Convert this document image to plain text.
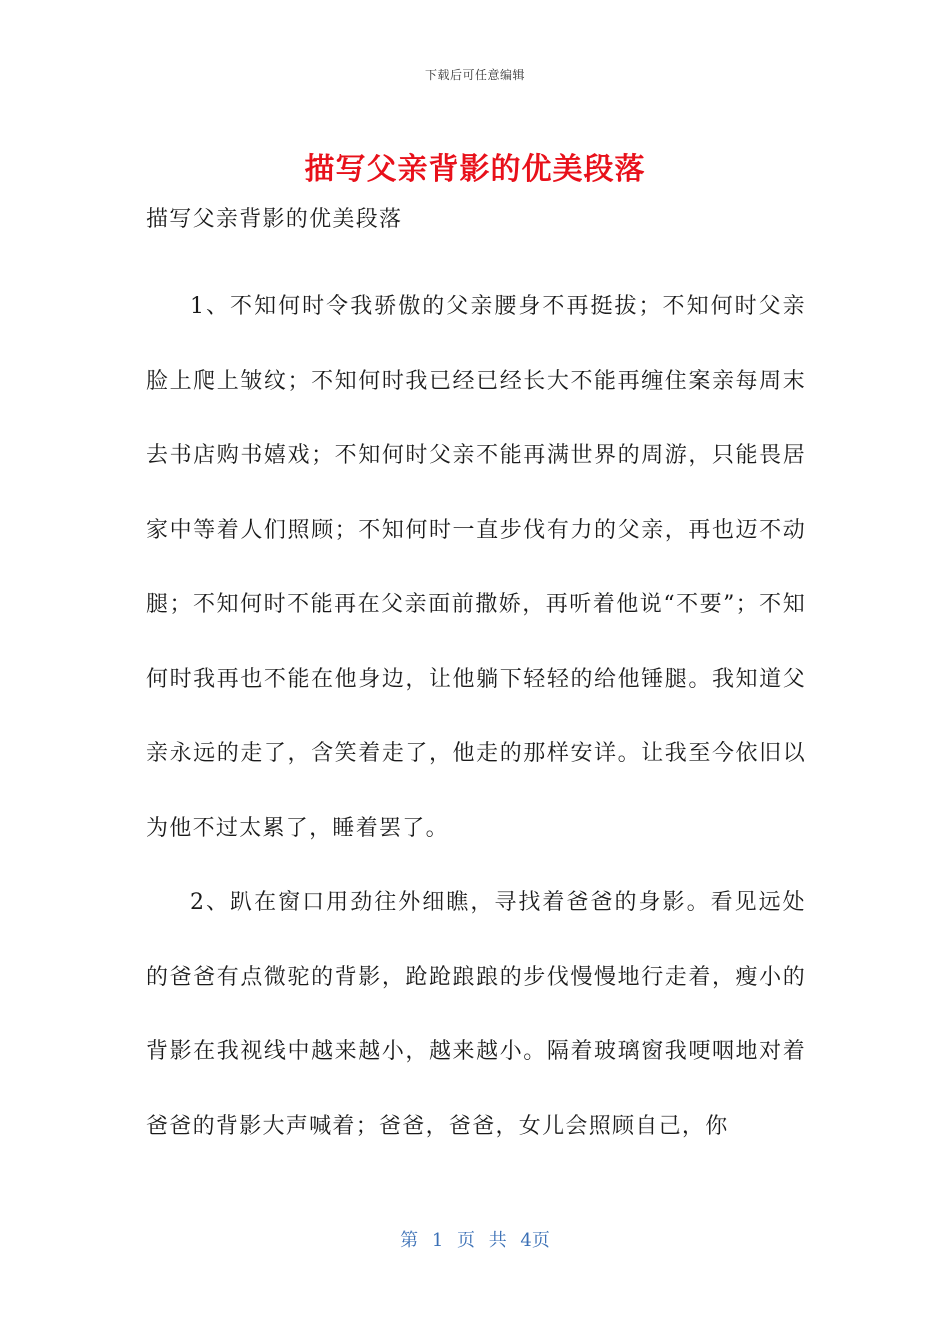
下载后可任意编辑
描写父亲背影的优美段落

描写父亲背影的优美段落

1、不知何时令我骄傲的父亲腰身不再挺拔；不知何时父亲脸上爬上皱纹；不知何时我已经已经长大不能再缠住案亲每周末去书店购书嬉戏；不知何时父亲不能再满世界的周游，只能畏居家中等着人们照顾；不知何时一直步伐有力的父亲，再也迈不动腿；不知何时不能再在父亲面前撒娇，再听着他说“不要”；不知何时我再也不能在他身边，让他躺下轻轻的给他锤腿。我知道父亲永远的走了，含笑着走了，他走的那样安详。让我至今依旧以为他不过太累了，睡着罢了。

2、趴在窗口用劲往外细瞧，寻找着爸爸的身影。看见远处的爸爸有点微驼的背影，跄跄踉踉的步伐慢慢地行走着，瘦小的背影在我视线中越来越小，越来越小。隔着玻璃窗我哽咽地对着爸爸的背影大声喊着；爸爸，爸爸，女儿会照顾自己，你

第 1 页 共 4页
